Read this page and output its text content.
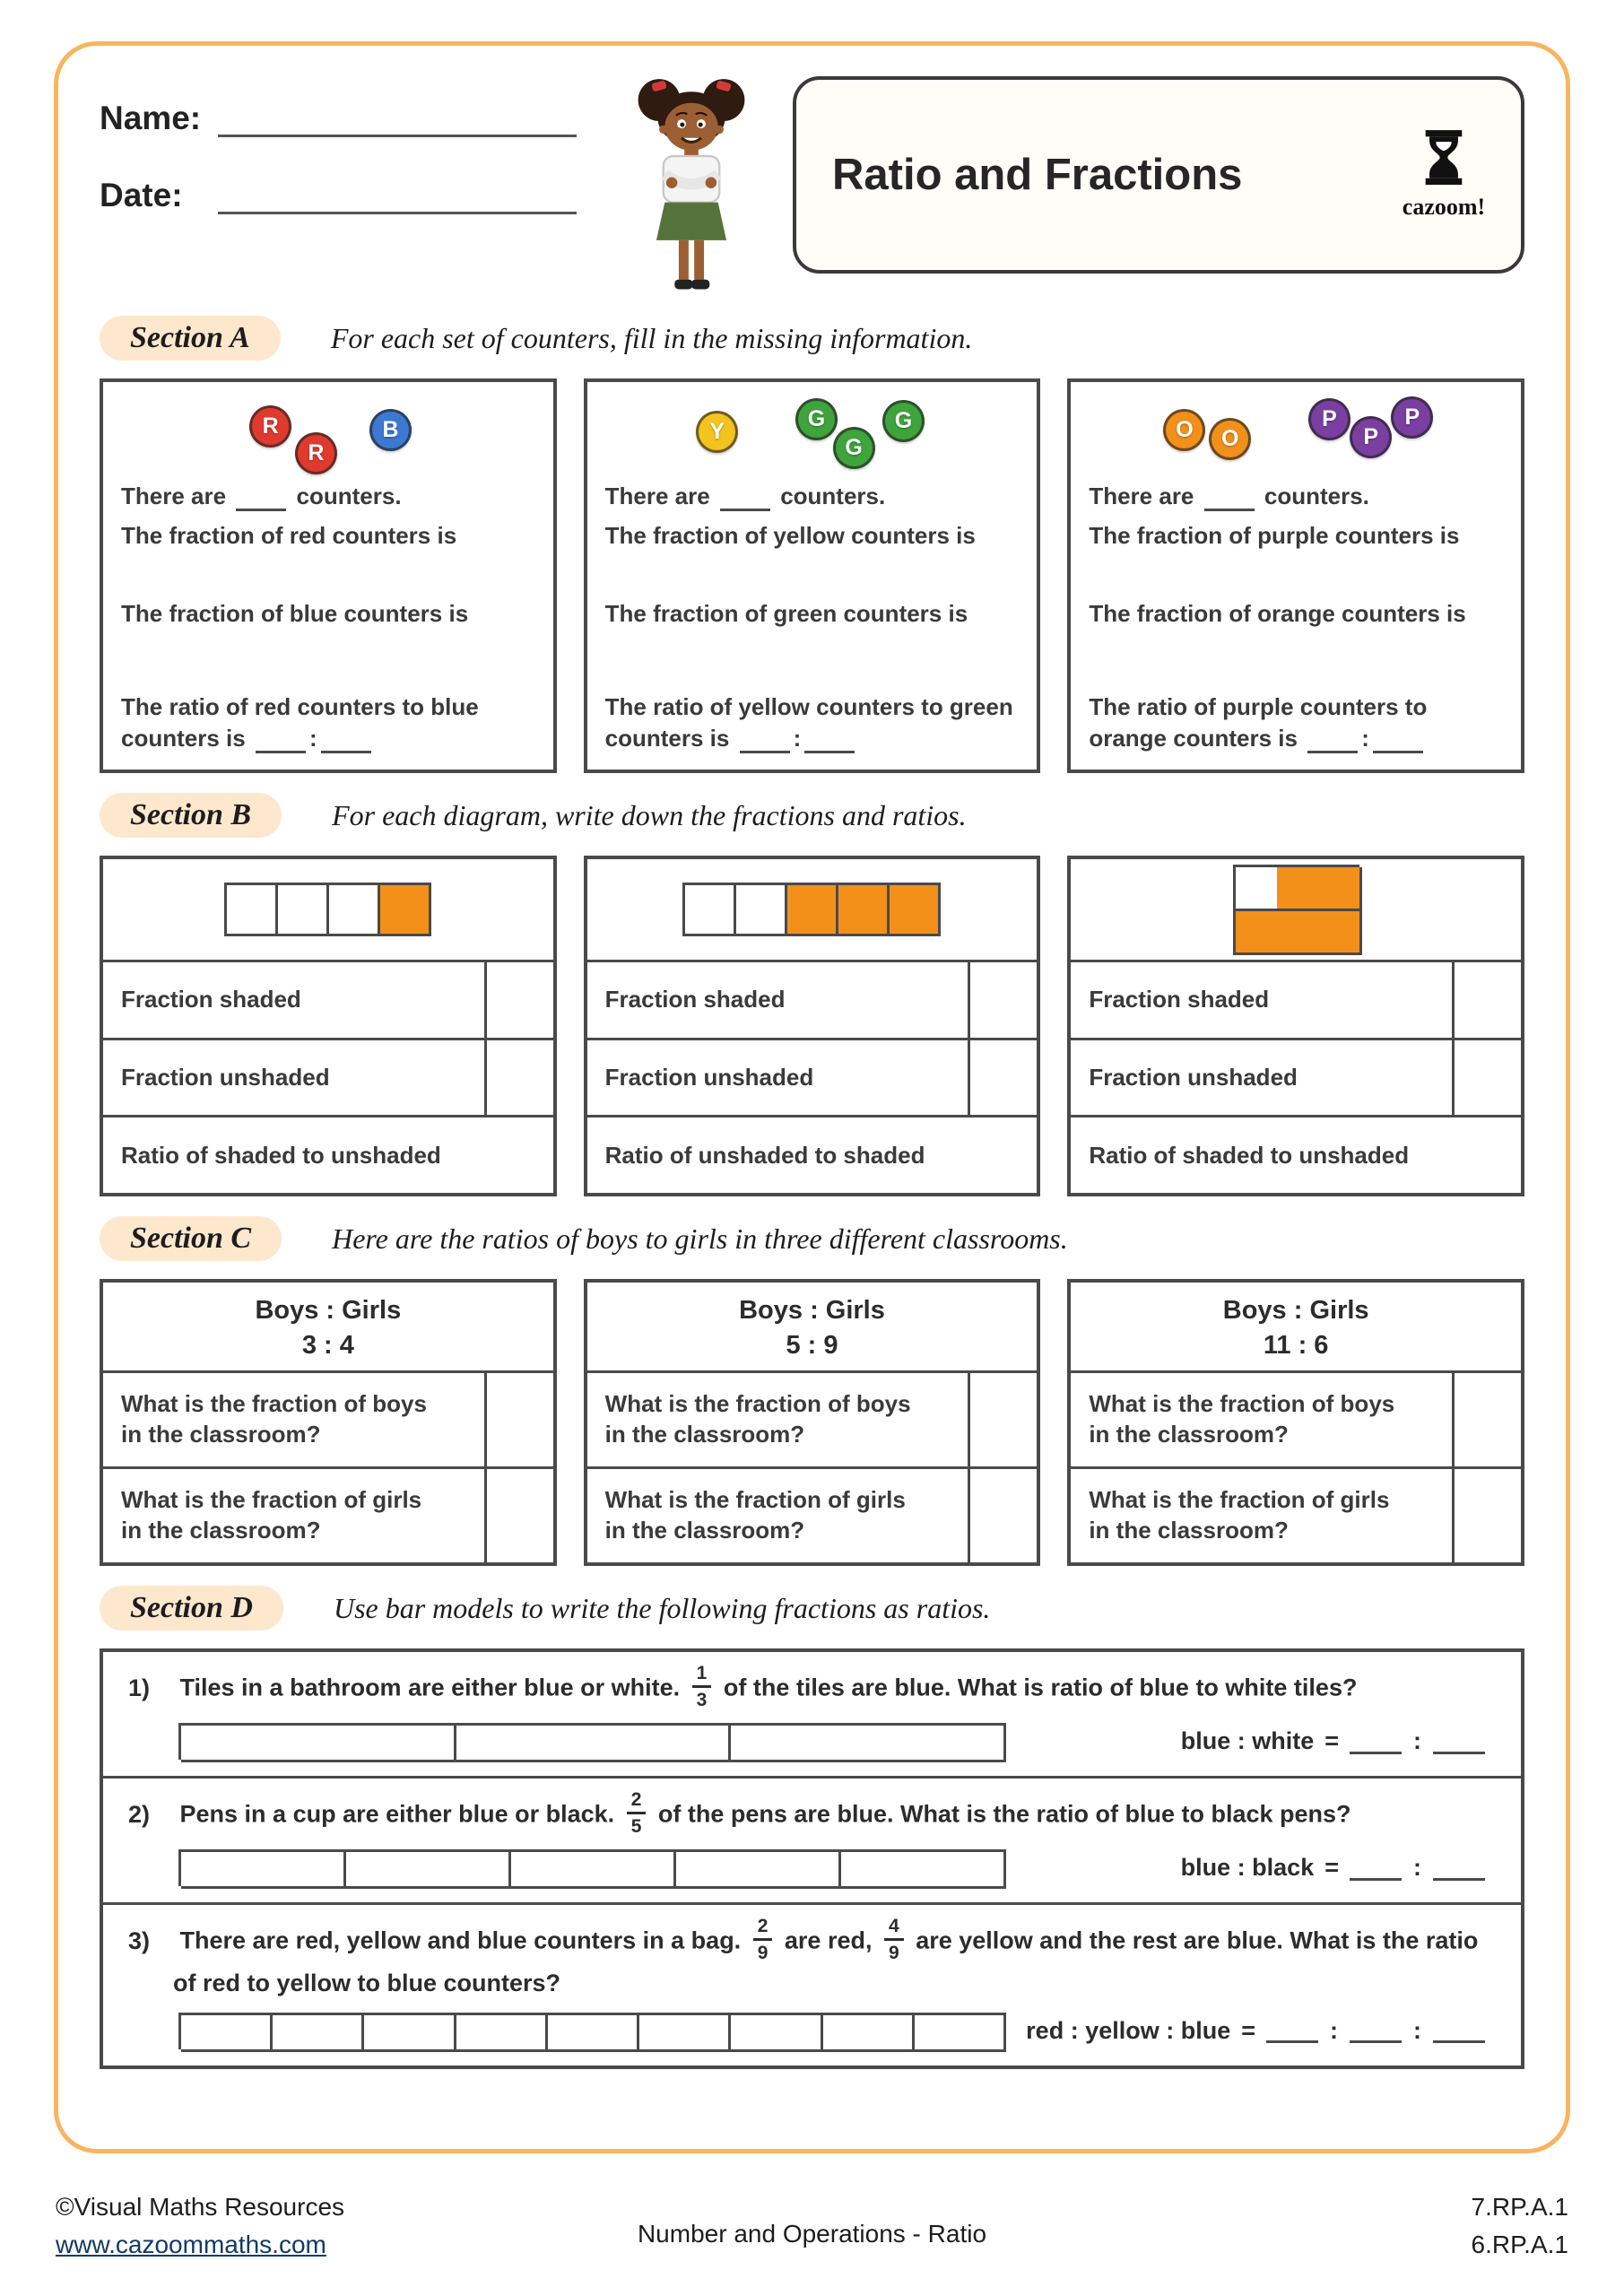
Name:
Date:	Ratio and Fractions
cazoom!
Section A	For each set of counters, fill in the missing information.
R
R
B

There are	counters.

The fraction of red counters is

The fraction of blue counters is

The ratio of red counters to blue counters is	:

Y	G
G
G

There are	counters.

The fraction of yellow counters is

The fraction of green counters is

The ratio of yellow counters to green counters is	:

O	O
P
P
P

There are	counters.

The fraction of purple counters is

The fraction of orange counters is

The ratio of purple counters to orange counters is	:

Section B	For each diagram, write down the fractions and ratios.
Fraction shaded
Fraction unshaded
Ratio of shaded to unshaded
Fraction shaded
Fraction unshaded
Ratio of unshaded to shaded
Fraction shaded
Fraction unshaded
Ratio of shaded to unshaded
Section C	Here are the ratios of boys to girls in three different classrooms.
Boys : Girls
3 : 4
What is the fraction of boys in the classroom?
What is the fraction of girls in the classroom?
Boys : Girls
5 : 9
What is the fraction of boys in the classroom?
What is the fraction of girls in the classroom?
Boys : Girls
11 : 6
What is the fraction of boys in the classroom?
What is the fraction of girls in the classroom?
Section D	Use bar models to write the following fractions as ratios.

1) Tiles in a bathroom are either blue or white. $\frac{1}{3}$ of the tiles are blue. What is ratio of blue to white tiles?

blue : white =	:

2) Pens in a cup are either blue or black. $\frac{2}{5}$ of the pens are blue. What is the ratio of blue to black pens?

blue : black =	:

3) There are red, yellow and blue counters in a bag. $\frac{2}{9}$ are red, $\frac{4}{9}$ are yellow and the rest are blue. What is the ratio of red to yellow to blue counters?

red : yellow : blue =	:	:
©Visual Maths Resources
www.cazoommaths.com	Number and Operations - Ratio
7.RP.A.1
6.RP.A.1
